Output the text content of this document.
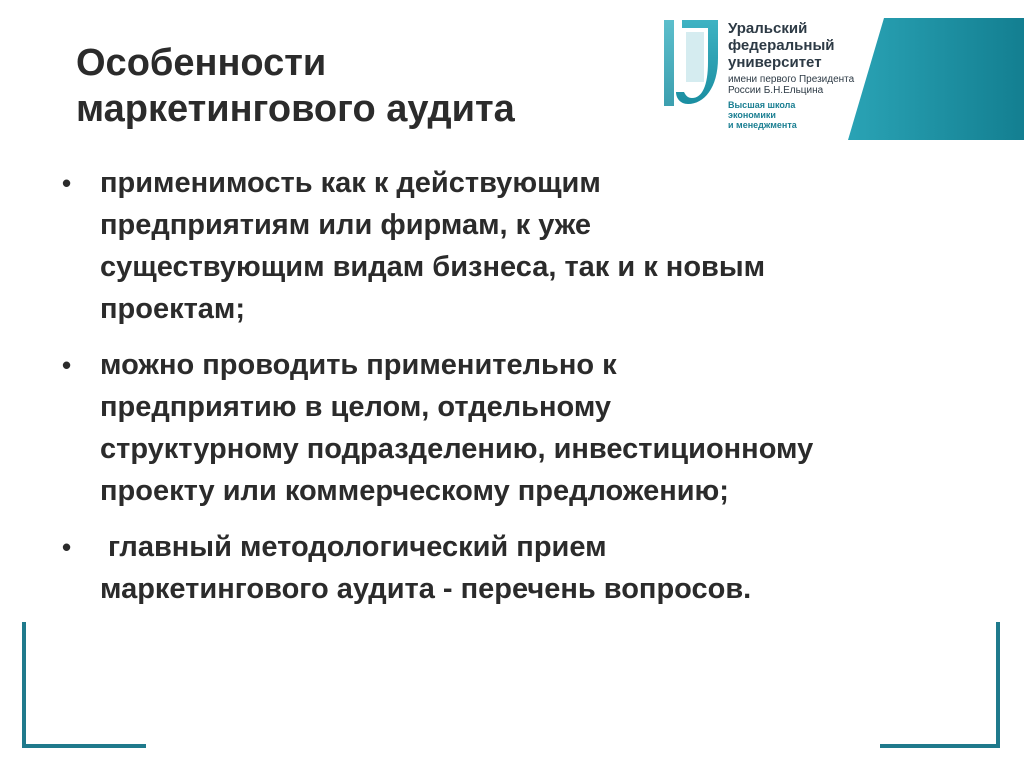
Особенности
маркетингового аудита
Уральский
федеральный
университет
имени первого Президента
России Б.Н.Ельцина
Высшая школа
экономики
и менеджмента
• применимость как к действующим
предприятиям или фирмам, к уже
существующим видам бизнеса, так и к новым
проектам;
• можно проводить применительно к
предприятию в целом, отдельному
структурному подразделению, инвестиционному
проекту или коммерческому предложению;
• главный методологический прием
маркетингового аудита - перечень вопросов.
